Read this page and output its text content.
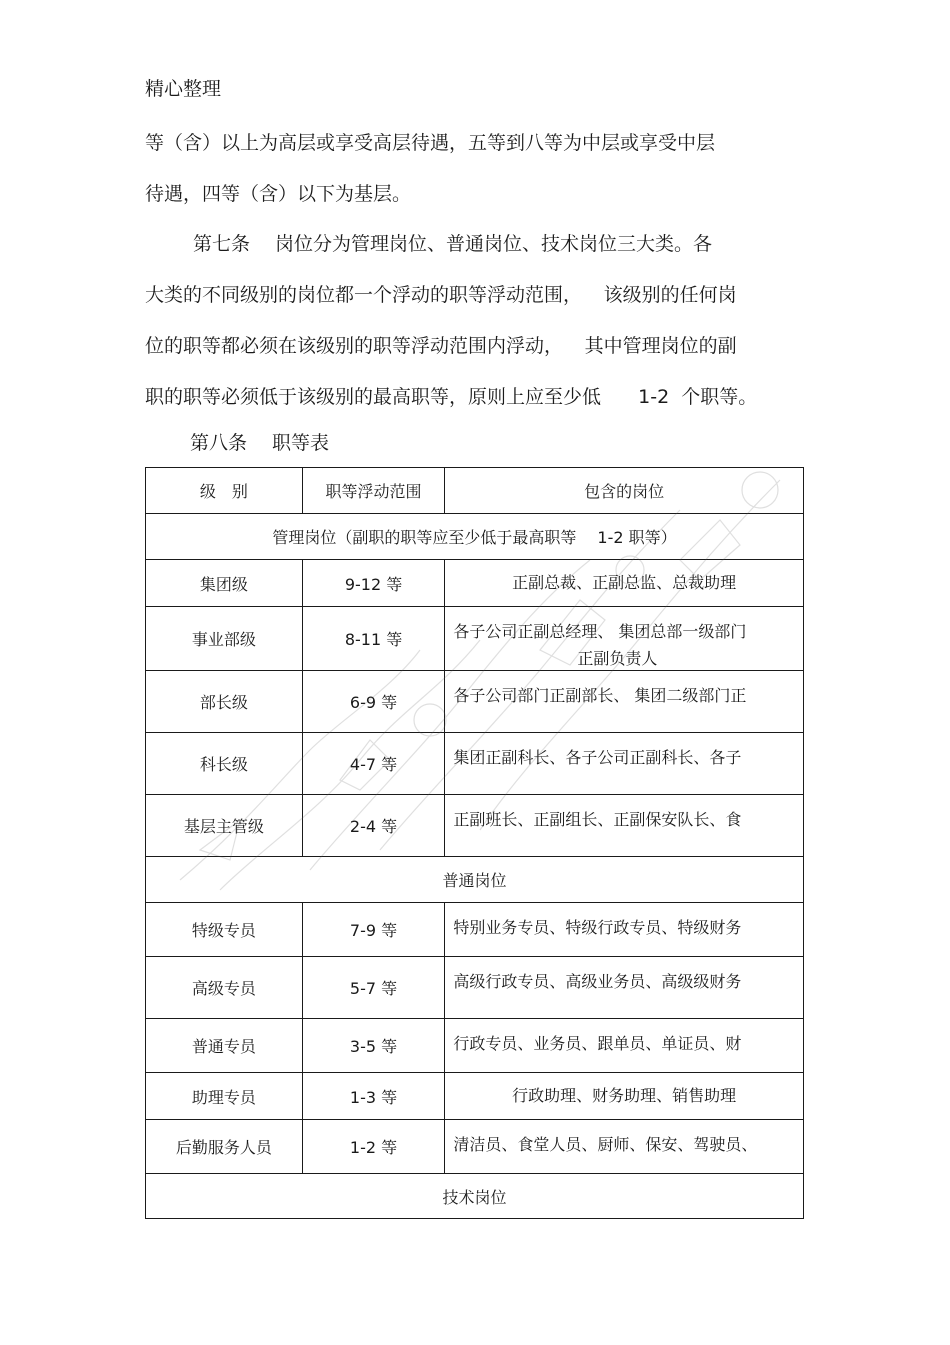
精心整理
等（含）以上为高层或享受高层待遇，五等到八等为中层或享受中层
待遇，四等（含）以下为基层。
第七条　 岗位分为管理岗位、普通岗位、技术岗位三大类。各
大类的不同级别的岗位都一个浮动的职等浮动范围，　  该级别的任何岗
位的职等都必须在该级别的职等浮动范围内浮动，　  其中管理岗位的副
职的职等必须低于该级别的最高职等，原则上应至少低　   1-2  个职等。
第八条　 职等表
级　别	职等浮动范围	包含的岗位
管理岗位（副职的职等应至少低于最高职等　 1-2 职等）		
集团级	9-12 等	正副总裁、正副总监、总裁助理
事业部级	8-11 等	各子公司正副总经理、 集团总部一级部门
正副负责人

部长级	6-9 等	各子公司部门正副部长、 集团二级部门正
科长级	4-7 等	集团正副科长、各子公司正副科长、各子
基层主管级	2-4 等	正副班长、正副组长、正副保安队长、食
普通岗位		
特级专员	7-9 等	特别业务专员、特级行政专员、特级财务
高级专员	5-7 等	高级行政专员、高级业务员、高级级财务
普通专员	3-5 等	行政专员、业务员、跟单员、单证员、财
助理专员	1-3 等	行政助理、财务助理、销售助理
后勤服务人员	1-2 等	清洁员、食堂人员、厨师、保安、驾驶员、
技术岗位		
